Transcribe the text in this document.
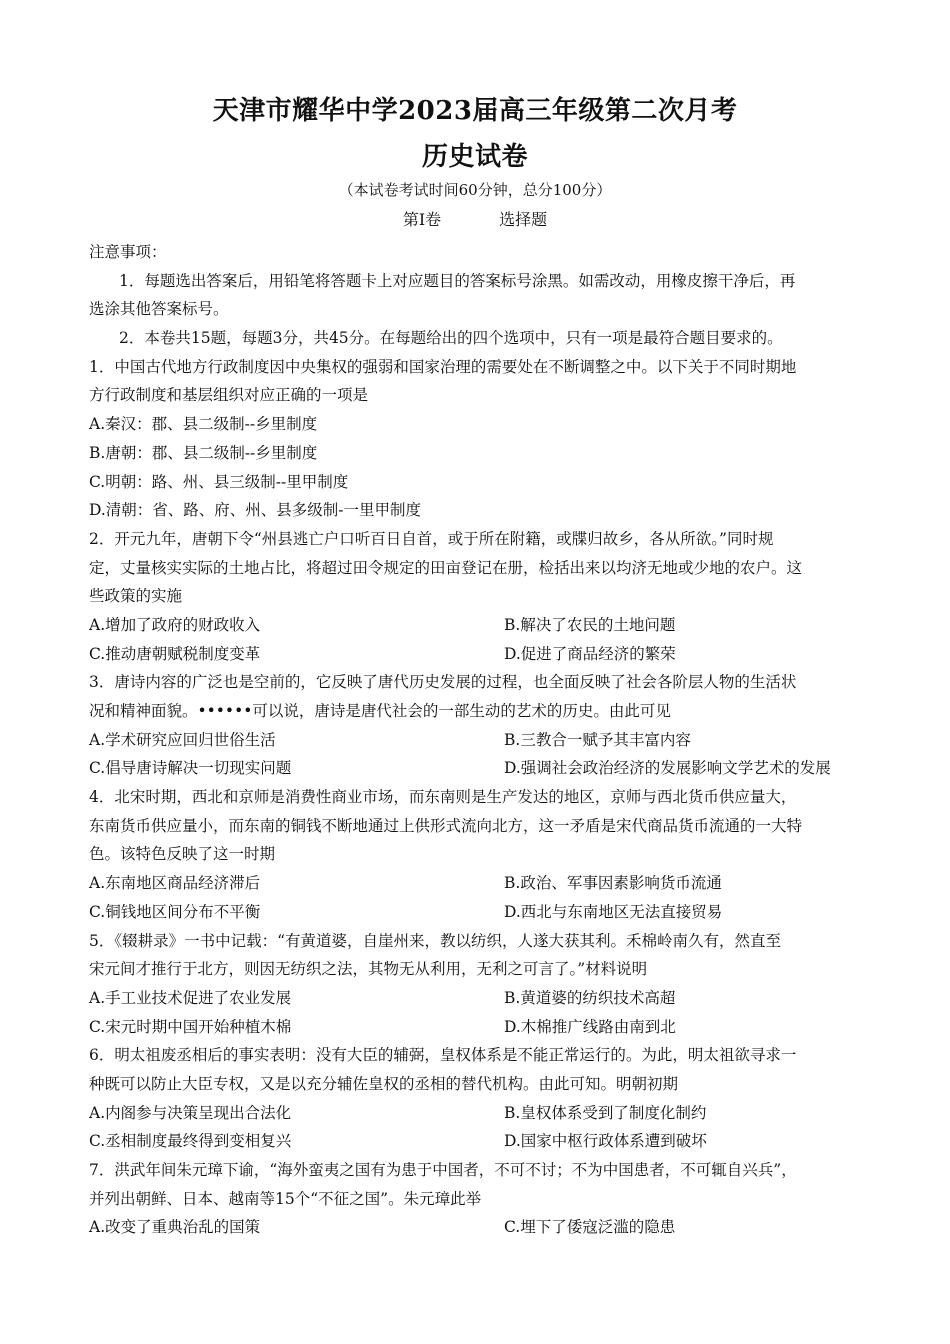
天津市耀华中学2023届高三年级第二次月考
历史试卷
（本试卷考试时间60分钟，总分100分）
第Ⅰ卷	选择题
注意事项：
1．每题选出答案后，用铅笔将答题卡上对应题目的答案标号涂黑。如需改动，用橡皮擦干净后，再
选涂其他答案标号。
2．本卷共15题，每题3分，共45分。在每题给出的四个选项中，只有一项是最符合题目要求的。
1．中国古代地方行政制度因中央集权的强弱和国家治理的需要处在不断调整之中。以下关于不同时期地
方行政制度和基层组织对应正确的一项是
A.秦汉：郡、县二级制--乡里制度
B.唐朝：郡、县二级制--乡里制度
C.明朝：路、州、县三级制--里甲制度
D.清朝：省、路、府、州、县多级制-一里甲制度
2．开元九年，唐朝下令“州县逃亡户口听百日自首，或于所在附籍，或牒归故乡，各从所欲。”同时规
定，丈量核实实际的土地占比，将超过田令规定的田亩登记在册，检括出来以均济无地或少地的农户。这
些政策的实施
A.增加了政府的财政收入	B.解决了农民的土地问题
C.推动唐朝赋税制度变革	D.促进了商品经济的繁荣
3．唐诗内容的广泛也是空前的，它反映了唐代历史发展的过程，也全面反映了社会各阶层人物的生活状
况和精神面貌。••••••可以说，唐诗是唐代社会的一部生动的艺术的历史。由此可见
A.学术研究应回归世俗生活	B.三教合一赋予其丰富内容
C.倡导唐诗解决一切现实问题	D.强调社会政治经济的发展影响文学艺术的发展
4．北宋时期，西北和京师是消费性商业市场，而东南则是生产发达的地区，京师与西北货币供应量大，
东南货币供应量小，而东南的铜钱不断地通过上供形式流向北方，这一矛盾是宋代商品货币流通的一大特
色。该特色反映了这一时期
A.东南地区商品经济滞后	B.政治、军事因素影响货币流通
C.铜钱地区间分布不平衡	D.西北与东南地区无法直接贸易
5．《辍耕录》一书中记载：“有黄道婆，自崖州来，教以纺织，人遂大获其利。禾棉岭南久有，然直至
宋元间才推行于北方，则因无纺织之法，其物无从利用，无利之可言了。”材料说明
A.手工业技术促进了农业发展	B.黄道婆的纺织技术高超
C.宋元时期中国开始种植木棉	D.木棉推广线路由南到北
6．明太祖废丞相后的事实表明：没有大臣的辅弼，皇权体系是不能正常运行的。为此，明太祖欲寻求一
种既可以防止大臣专权，又是以充分辅佐皇权的丞相的替代机构。由此可知。明朝初期
A.内阁参与决策呈现出合法化	B.皇权体系受到了制度化制约
C.丞相制度最终得到变相复兴	D.国家中枢行政体系遭到破坏
7．洪武年间朱元璋下谕，“海外蛮夷之国有为患于中国者，不可不讨；不为中国患者，不可辄自兴兵”，
并列出朝鲜、日本、越南等15个“不征之国”。朱元璋此举
A.改变了重典治乱的国策	C.埋下了倭寇泛滥的隐患
